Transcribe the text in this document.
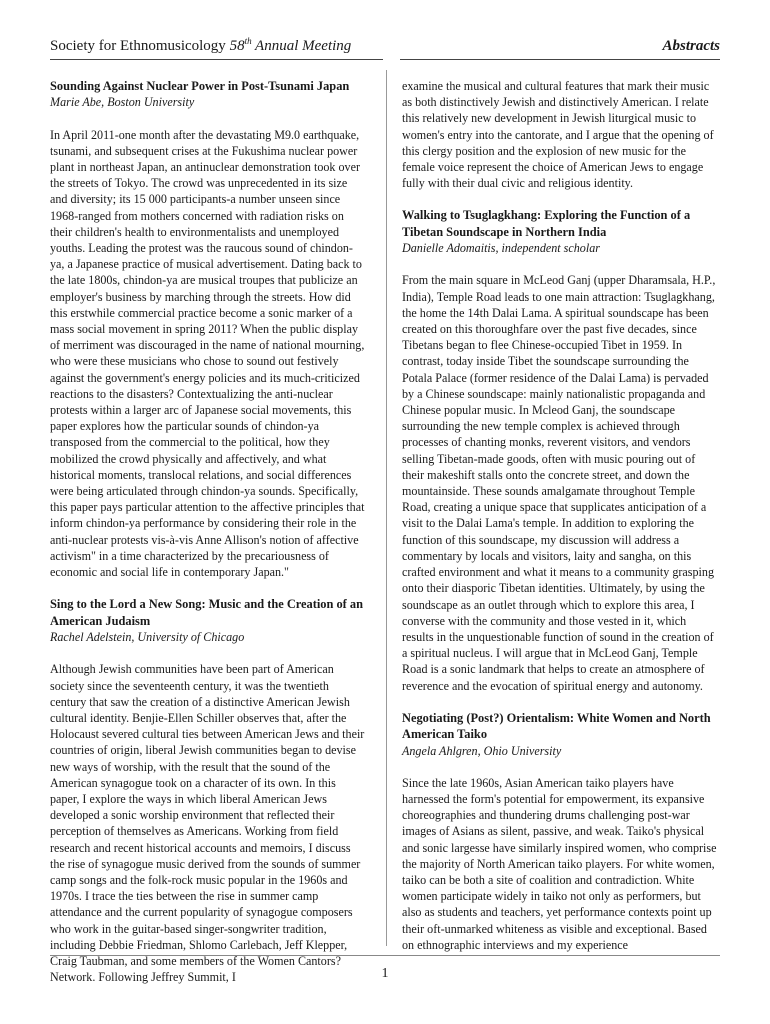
Society for Ethnomusicology 58th Annual Meeting	Abstracts
Sounding Against Nuclear Power in Post-Tsunami Japan
Marie Abe, Boston University

In April 2011-one month after the devastating M9.0 earthquake, tsunami, and subsequent crises at the Fukushima nuclear power plant in northeast Japan, an antinuclear demonstration took over the streets of Tokyo. The crowd was unprecedented in its size and diversity; its 15 000 participants-a number unseen since 1968-ranged from mothers concerned with radiation risks on their children's health to environmentalists and unemployed youths. Leading the protest was the raucous sound of chindon-ya, a Japanese practice of musical advertisement. Dating back to the late 1800s, chindon-ya are musical troupes that publicize an employer's business by marching through the streets. How did this erstwhile commercial practice become a sonic marker of a mass social movement in spring 2011? When the public display of merriment was discouraged in the name of national mourning, who were these musicians who chose to sound out festively against the government's energy policies and its much-criticized reactions to the disasters? Contextualizing the anti-nuclear protests within a larger arc of Japanese social movements, this paper explores how the particular sounds of chindon-ya transposed from the commercial to the political, how they mobilized the crowd physically and affectively, and what historical moments, translocal relations, and social differences were being articulated through chindon-ya sounds. Specifically, this paper pays particular attention to the affective principles that inform chindon-ya performance by considering their role in the anti-nuclear protests vis-à-vis Anne Allison's notion of affective activism" in a time characterized by the precariousness of economic and social life in contemporary Japan."

Sing to the Lord a New Song: Music and the Creation of an American Judaism
Rachel Adelstein, University of Chicago

Although Jewish communities have been part of American society since the seventeenth century, it was the twentieth century that saw the creation of a distinctive American Jewish cultural identity. Benjie-Ellen Schiller observes that, after the Holocaust severed cultural ties between American Jews and their countries of origin, liberal Jewish communities began to devise new ways of worship, with the result that the sound of the American synagogue took on a character of its own. In this paper, I explore the ways in which liberal American Jews developed a sonic worship environment that reflected their perception of themselves as Americans. Working from field research and recent historical accounts and memoirs, I discuss the rise of synagogue music derived from the sounds of summer camp songs and the folk-rock music popular in the 1960s and 1970s. I trace the ties between the rise in summer camp attendance and the current popularity of synagogue composers who work in the guitar-based singer-songwriter tradition, including Debbie Friedman, Shlomo Carlebach, Jeff Klepper, Craig Taubman, and some members of the Women Cantors? Network. Following Jeffrey Summit, I

examine the musical and cultural features that mark their music as both distinctively Jewish and distinctively American. I relate this relatively new development in Jewish liturgical music to women's entry into the cantorate, and I argue that the opening of this clergy position and the explosion of new music for the female voice represent the choice of American Jews to engage fully with their dual civic and religious identity.

Walking to Tsuglagkhang: Exploring the Function of a Tibetan Soundscape in Northern India
Danielle Adomaitis, independent scholar

From the main square in McLeod Ganj (upper Dharamsala, H.P., India), Temple Road leads to one main attraction: Tsuglagkhang, the home the 14th Dalai Lama. A spiritual soundscape has been created on this thoroughfare over the past five decades, since Tibetans began to flee Chinese-occupied Tibet in 1959. In contrast, today inside Tibet the soundscape surrounding the Potala Palace (former residence of the Dalai Lama) is pervaded by a Chinese soundscape: mainly nationalistic propaganda and Chinese popular music. In Mcleod Ganj, the soundscape surrounding the new temple complex is achieved through processes of chanting monks, reverent visitors, and vendors selling Tibetan-made goods, often with music pouring out of their makeshift stalls onto the concrete street, and down the mountainside. These sounds amalgamate throughout Temple Road, creating a unique space that supplicates anticipation of a visit to the Dalai Lama's temple. In addition to exploring the function of this soundscape, my discussion will address a commentary by locals and visitors, laity and sangha, on this crafted environment and what it means to a community grasping onto their diasporic Tibetan identities. Ultimately, by using the soundscape as an outlet through which to explore this area, I converse with the community and those vested in it, which results in the unquestionable function of sound in the creation of a spiritual nucleus. I will argue that in McLeod Ganj, Temple Road is a sonic landmark that helps to create an atmosphere of reverence and the evocation of spiritual energy and autonomy.

Negotiating (Post?) Orientalism: White Women and North American Taiko
Angela Ahlgren, Ohio University

Since the late 1960s, Asian American taiko players have harnessed the form's potential for empowerment, its expansive choreographies and thundering drums challenging post-war images of Asians as silent, passive, and weak. Taiko's physical and sonic largesse have similarly inspired women, who comprise the majority of North American taiko players. For white women, taiko can be both a site of coalition and contradiction. White women participate widely in taiko not only as performers, but also as students and teachers, yet performance contexts point up their oft-unmarked whiteness as visible and exceptional. Based on ethnographic interviews and my experience

1
